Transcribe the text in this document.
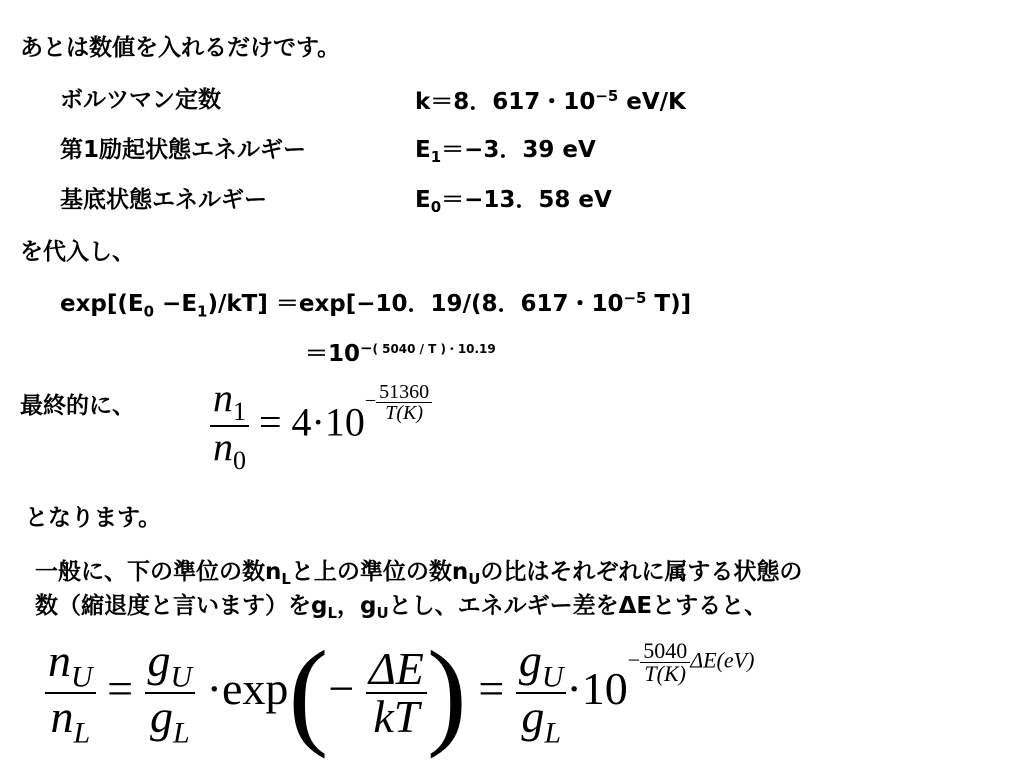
あとは数値を入れるだけです。
ボルツマン定数	k＝8．617・$10^{-5}$ eV/K
第1励起状態エネルギー	$E_1=-3$．39 eV
基底状態エネルギー	$E_0=-13$．58 eV
を代入し、
$\exp[(E_0 -E_1)/kT] =\exp[-10$．19/(8．617・$10^{-5}$ T)]
$=10^{-( 5040 / T )・10.19}$
最終的に、 $\frac{n_1}{n_0} = 4\cdot 10- \frac{51360}{T(K)}$
となります。
一般に、下の準位の数$n_L$と上の準位の数$n_U$の比はそれぞれに属する状態の
数（縮退度と言います）を$g_L$，$g_U$とし、エネルギー差をΔEとすると、
$\frac{n_U}{n_L} = \frac{g_U}{g_L} \cdot\exp(- \frac{\Delta E}{kT}$ ) = $\frac{g_U}{g_L} \cdot 10- \frac{5040}{T(K)} \Delta E(eV)$
